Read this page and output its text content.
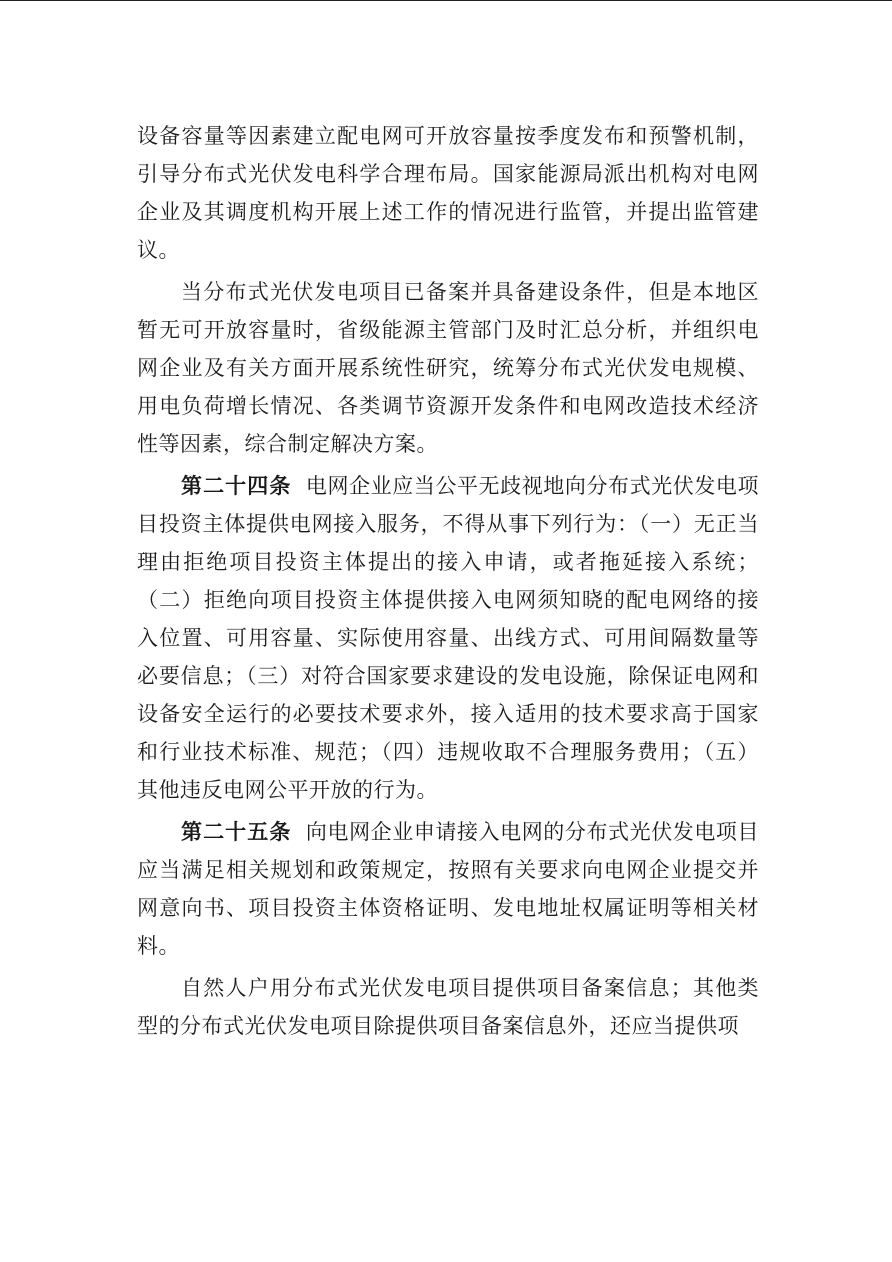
设备容量等因素建立配电网可开放容量按季度发布和预警机制，引导分布式光伏发电科学合理布局。国家能源局派出机构对电网企业及其调度机构开展上述工作的情况进行监管，并提出监管建议。

当分布式光伏发电项目已备案并具备建设条件，但是本地区暂无可开放容量时，省级能源主管部门及时汇总分析，并组织电网企业及有关方面开展系统性研究，统筹分布式光伏发电规模、用电负荷增长情况、各类调节资源开发条件和电网改造技术经济性等因素，综合制定解决方案。

第二十四条 电网企业应当公平无歧视地向分布式光伏发电项目投资主体提供电网接入服务，不得从事下列行为：（一）无正当理由拒绝项目投资主体提出的接入申请，或者拖延接入系统；（二）拒绝向项目投资主体提供接入电网须知晓的配电网络的接入位置、可用容量、实际使用容量、出线方式、可用间隔数量等必要信息；（三）对符合国家要求建设的发电设施，除保证电网和设备安全运行的必要技术要求外，接入适用的技术要求高于国家和行业技术标准、规范；（四）违规收取不合理服务费用；（五）其他违反电网公平开放的行为。

第二十五条 向电网企业申请接入电网的分布式光伏发电项目应当满足相关规划和政策规定，按照有关要求向电网企业提交并网意向书、项目投资主体资格证明、发电地址权属证明等相关材料。

自然人户用分布式光伏发电项目提供项目备案信息；其他类型的分布式光伏发电项目除提供项目备案信息外，还应当提供项
